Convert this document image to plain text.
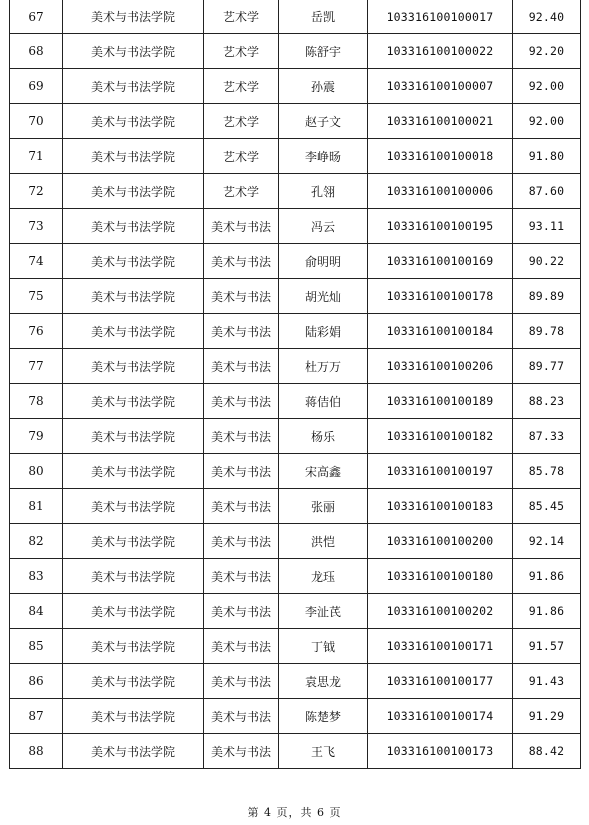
67	美术与书法学院	艺术学	岳凯	103316100100017	92.40
68	美术与书法学院	艺术学	陈舒宇	103316100100022	92.20
69	美术与书法学院	艺术学	孙震	103316100100007	92.00
70	美术与书法学院	艺术学	赵子文	103316100100021	92.00
71	美术与书法学院	艺术学	李峥旸	103316100100018	91.80
72	美术与书法学院	艺术学	孔翎	103316100100006	87.60
73	美术与书法学院	美术与书法	冯云	103316100100195	93.11
74	美术与书法学院	美术与书法	俞明明	103316100100169	90.22
75	美术与书法学院	美术与书法	胡光灿	103316100100178	89.89
76	美术与书法学院	美术与书法	陆彩娟	103316100100184	89.78
77	美术与书法学院	美术与书法	杜万万	103316100100206	89.77
78	美术与书法学院	美术与书法	蒋佶伯	103316100100189	88.23
79	美术与书法学院	美术与书法	杨乐	103316100100182	87.33
80	美术与书法学院	美术与书法	宋高鑫	103316100100197	85.78
81	美术与书法学院	美术与书法	张丽	103316100100183	85.45
82	美术与书法学院	美术与书法	洪恺	103316100100200	92.14
83	美术与书法学院	美术与书法	龙珏	103316100100180	91.86
84	美术与书法学院	美术与书法	李沚芪	103316100100202	91.86
85	美术与书法学院	美术与书法	丁钺	103316100100171	91.57
86	美术与书法学院	美术与书法	袁思龙	103316100100177	91.43
87	美术与书法学院	美术与书法	陈楚梦	103316100100174	91.29
88	美术与书法学院	美术与书法	王飞	103316100100173	88.42
第 4 页，共 6 页
